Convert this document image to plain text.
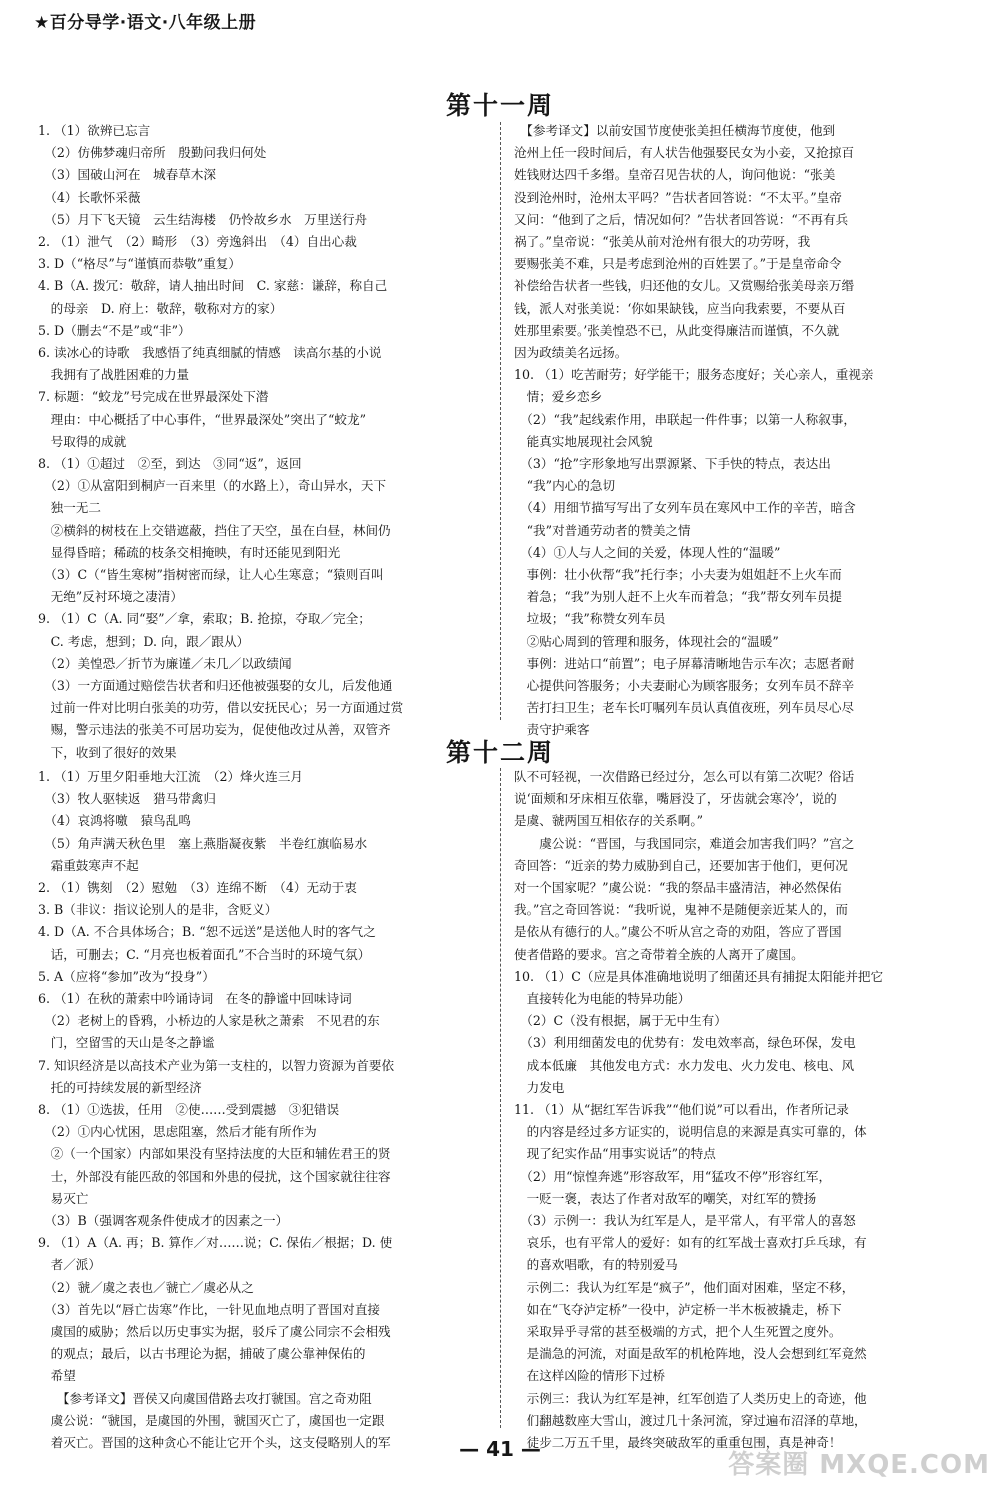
★百分导学·语文·八年级上册
第十一周

1. （1）欲辨已忘言

　（2）仿佛梦魂归帝所　殷勤问我归何处

　（3）国破山河在　城春草木深

　（4）长歌怀采薇

　（5）月下飞天镜　云生结海楼　仍怜故乡水　万里送行舟

2. （1）泄气　（2）畸形　（3）旁逸斜出　（4）自出心裁

3. D（“格尽”与“谨慎而恭敬”重复）

4. B（A. 拨冗：敬辞，请人抽出时间　C. 家慈：谦辞，称自己

　的母亲　D. 府上：敬辞，敬称对方的家）

5. D（删去“不是”或“非”）

6. 读冰心的诗歌　我感悟了纯真细腻的情感　读高尔基的小说

　我拥有了战胜困难的力量

7. 标题：“蛟龙”号完成在世界最深处下潜

　理由：中心概括了中心事件，“世界最深处”突出了“蛟龙”

　号取得的成就

8. （1）①超过　②至，到达　③同“返”，返回

　（2）①从富阳到桐庐一百来里（的水路上），奇山异水，天下

　独一无二

　②横斜的树枝在上交错遮蔽，挡住了天空，虽在白昼，林间仍

　显得昏暗；稀疏的枝条交相掩映，有时还能见到阳光

　（3）C（“皆生寒树”指树密而绿，让人心生寒意；“猿则百叫

　无绝”反衬环境之凄清）

9. （1）C（A. 同“娶”／拿，索取；B. 抢掠，夺取／完全；

　C. 考虑，想到；D. 向，跟／跟从）

　（2）美惶恐／折节为廉谨／未几／以政绩闻

　（3）一方面通过赔偿告状者和归还他被强娶的女儿，后发他通

　过前一件对比明白张美的功劳，借以安抚民心；另一方面通过赏

　赐，警示违法的张美不可居功妄为，促使他改过从善，双管齐

　下，收到了很好的效果

　【参考译文】以前安国节度使张美担任横海节度使，他到

沧州上任一段时间后，有人状告他强娶民女为小妾，又抢掠百

姓钱财达四千多缗。皇帝召见告状的人，询问他说：“张美

没到沧州时，沧州太平吗？”告状者回答说：“不太平。”皇帝

又问：“他到了之后，情况如何？”告状者回答说：“不再有兵

祸了。”皇帝说：“张美从前对沧州有很大的功劳呀，我

要赐张美不难，只是考虑到沧州的百姓罢了。”于是皇帝命令

补偿给告状者一些钱，归还他的女儿。又赏赐给张美母亲万缗

钱，派人对张美说：‘你如果缺钱，应当向我索要，不要从百

姓那里索要。’张美惶恐不已，从此变得廉洁而谨慎，不久就

因为政绩美名远扬。

10. （1）吃苦耐劳；好学能干；服务态度好；关心亲人，重视亲

　情；爱乡恋乡

　（2）“我”起线索作用，串联起一件件事；以第一人称叙事，

　能真实地展现社会风貌

　（3）“抢”字形象地写出票源紧、下手快的特点，表达出

　“我”内心的急切

　（4）用细节描写写出了女列车员在寒风中工作的辛苦，暗含

　“我”对普通劳动者的赞美之情

　（4）①人与人之间的关爱，体现人性的“温暖”

　事例：壮小伙帮“我”托行李；小夫妻为姐姐赶不上火车而

　着急；“我”为别人赶不上火车而着急；“我”帮女列车员提

　垃圾；“我”称赞女列车员

　②贴心周到的管理和服务，体现社会的“温暖”

　事例：进站口“前置”；电子屏幕清晰地告示车次；志愿者耐

　心提供问答服务；小夫妻耐心为顾客服务；女列车员不辞辛

　苦打扫卫生；老车长叮嘱列车员认真值夜班，列车员尽心尽

　责守护乘客

第十二周

1. （1）万里夕阳垂地大江流　（2）烽火连三月

　（3）牧人驱犊返　猎马带禽归

　（4）哀鸿将噭　猿鸟乱鸣

　（5）角声满天秋色里　塞上燕脂凝夜紫　半卷红旗临易水

　霜重鼓寒声不起

2. （1）镌刻　（2）慰勉　（3）连绵不断　（4）无动于衷

3. B（非议：指议论别人的是非，含贬义）

4. D（A. 不合具体场合；B. “恕不远送”是送他人时的客气之

　话，可删去；C. “月亮也板着面孔”不合当时的环境气氛）

5. A（应将“参加”改为“投身”）

6. （1）在秋的萧索中吟诵诗词　在冬的静谧中回味诗词

　（2）老树上的昏鸦，小桥边的人家是秋之萧索　不见君的东

　门，空留雪的天山是冬之静谧

7. 知识经济是以高技术产业为第一支柱的，以智力资源为首要依

　托的可持续发展的新型经济

8. （1）①选拔，任用　②使……受到震撼　③犯错误

　（2）①内心忧困，思虑阻塞，然后才能有所作为

　②（一个国家）内部如果没有坚持法度的大臣和辅佐君王的贤

　士，外部没有能匹敌的邻国和外患的侵扰，这个国家就往往容

　易灭亡

　（3）B（强调客观条件使成才的因素之一）

9. （1）A（A. 再；B. 算作／对……说；C. 保佑／根据；D. 使

　者／派）

　（2）虢／虞之表也／虢亡／虞必从之

　（3）首先以“唇亡齿寒”作比，一针见血地点明了晋国对直接

　虞国的威胁；然后以历史事实为据，驳斥了虞公同宗不会相残

　的观点；最后，以古书理论为据，捕破了虞公靠神保佑的

　希望

　　【参考译文】晋侯又向虞国借路去攻打虢国。宫之奇劝阻

　虞公说：“虢国，是虞国的外围，虢国灭亡了，虞国也一定跟

　着灭亡。晋国的这种贪心不能让它开个头，这支侵略别人的军

队不可轻视，一次借路已经过分，怎么可以有第二次呢？俗话

说‘面颊和牙床相互依靠，嘴唇没了，牙齿就会寒冷’，说的

是虞、虢两国互相依存的关系啊。”

　　虞公说：“晋国，与我国同宗，难道会加害我们吗？”宫之

奇回答：“近亲的势力威胁到自己，还要加害于他们，更何况

对一个国家呢？”虞公说：“我的祭品丰盛清洁，神必然保佑

我。”宫之奇回答说：“我听说，鬼神不是随便亲近某人的，而

是依从有德行的人。”虞公不听从宫之奇的劝阻，答应了晋国

使者借路的要求。宫之奇带着全族的人离开了虞国。

10. （1）C（应是具体准确地说明了细菌还具有捕捉太阳能并把它

　直接转化为电能的特异功能）

　（2）C（没有根据，属于无中生有）

　（3）利用细菌发电的优势有：发电效率高，绿色环保，发电

　成本低廉　其他发电方式：水力发电、火力发电、核电、风

　力发电

11. （1）从“据红军告诉我”“他们说”可以看出，作者所记录

　的内容是经过多方证实的，说明信息的来源是真实可靠的，体

　现了纪实作品“用事实说话”的特点

　（2）用“惊惶奔逃”形容敌军，用“猛攻不停”形容红军，

　一贬一褒，表达了作者对敌军的嘲笑，对红军的赞扬

　（3）示例一：我认为红军是人，是平常人，有平常人的喜怒

　哀乐，也有平常人的爱好：如有的红军战士喜欢打乒乓球，有

　的喜欢唱歌，有的特别爱马

　示例二：我认为红军是“疯子”，他们面对困难，坚定不移，

　如在“飞夺泸定桥”一役中，泸定桥一半木板被撬走，桥下

　采取异乎寻常的甚至极端的方式，把个人生死置之度外。

　是湍急的河流，对面是敌军的机枪阵地，没人会想到红军竟然

　在这样凶险的情形下过桥

　示例三：我认为红军是神，红军创造了人类历史上的奇迹，他

　们翻越数座大雪山，渡过几十条河流，穿过遍布沼泽的草地，

　徒步二万五千里，最终突破敌军的重重包围，真是神奇！

— 41 —
答案圈 MXQE.COM
